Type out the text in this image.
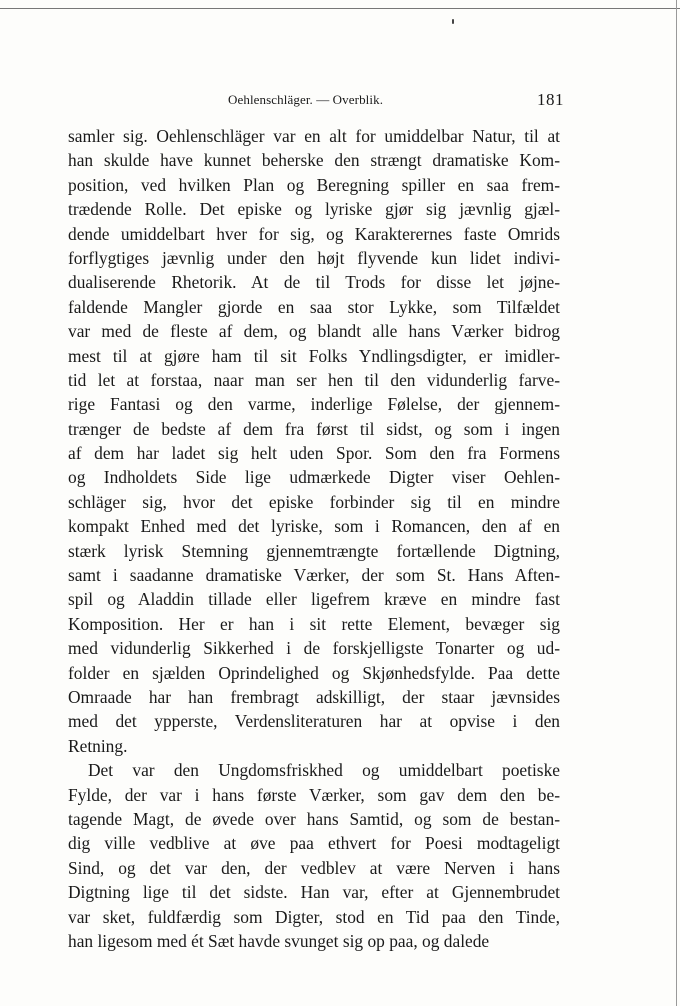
Oehlenschläger. — Overblik.	181
samler sig. Oehlenschläger var en alt for umiddelbar Natur, til at
han skulde have kunnet beherske den strængt dramatiske Kom-
position, ved hvilken Plan og Beregning spiller en saa frem-
trædende Rolle. Det episke og lyriske gjør sig jævnlig gjæl-
dende umiddelbart hver for sig, og Karakterernes faste Omrids
forflygtiges jævnlig under den højt flyvende kun lidet indivi-
dualiserende Rhetorik. At de til Trods for disse let jøjne-
faldende Mangler gjorde en saa stor Lykke, som Tilfældet
var med de fleste af dem, og blandt alle hans Værker bidrog
mest til at gjøre ham til sit Folks Yndlingsdigter, er imidler-
tid let at forstaa, naar man ser hen til den vidunderlig farve-
rige Fantasi og den varme, inderlige Følelse, der gjennem-
trænger de bedste af dem fra først til sidst, og som i ingen
af dem har ladet sig helt uden Spor. Som den fra Formens
og Indholdets Side lige udmærkede Digter viser Oehlen-
schläger sig, hvor det episke forbinder sig til en mindre
kompakt Enhed med det lyriske, som i Romancen, den af en
stærk lyrisk Stemning gjennemtrængte fortællende Digtning,
samt i saadanne dramatiske Værker, der som St. Hans Aften-
spil og Aladdin tillade eller ligefrem kræve en mindre fast
Komposition. Her er han i sit rette Element, bevæger sig
med vidunderlig Sikkerhed i de forskjelligste Tonarter og ud-
folder en sjælden Oprindelighed og Skjønhedsfylde. Paa dette
Omraade har han frembragt adskilligt, der staar jævnsides
med det ypperste, Verdensliteraturen har at opvise i den
Retning.
Det var den Ungdomsfriskhed og umiddelbart poetiske
Fylde, der var i hans første Værker, som gav dem den be-
tagende Magt, de øvede over hans Samtid, og som de bestan-
dig ville vedblive at øve paa ethvert for Poesi modtageligt
Sind, og det var den, der vedblev at være Nerven i hans
Digtning lige til det sidste. Han var, efter at Gjennembrudet
var sket, fuldfærdig som Digter, stod en Tid paa den Tinde,
han ligesom med ét Sæt havde svunget sig op paa, og dalede
